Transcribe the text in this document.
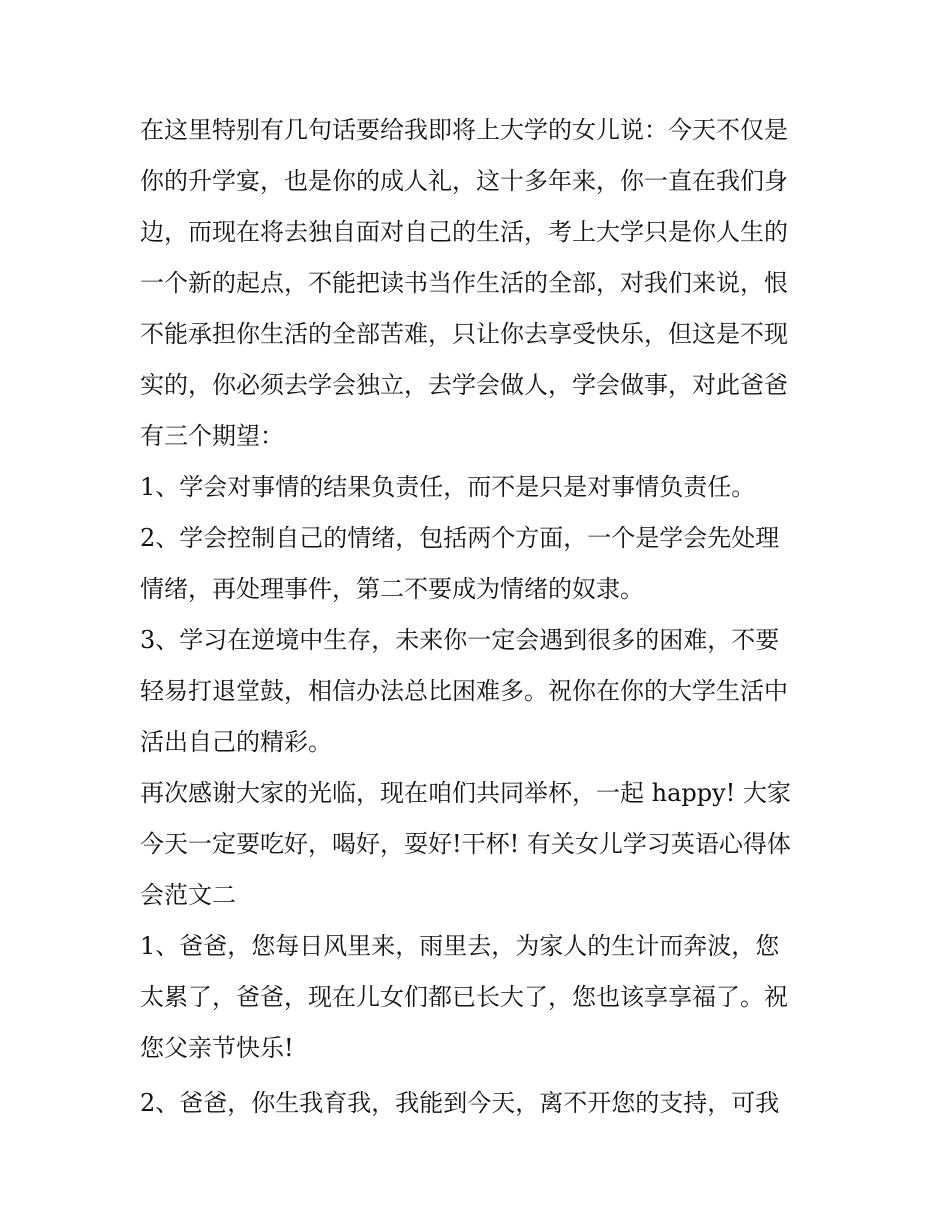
在这里特别有几句话要给我即将上大学的女儿说：今天不仅是
你的升学宴，也是你的成人礼，这十多年来，你一直在我们身
边，而现在将去独自面对自己的生活，考上大学只是你人生的
一个新的起点，不能把读书当作生活的全部，对我们来说，恨
不能承担你生活的全部苦难，只让你去享受快乐，但这是不现
实的，你必须去学会独立，去学会做人，学会做事，对此爸爸
有三个期望：
1、学会对事情的结果负责任，而不是只是对事情负责任。
2、学会控制自己的情绪，包括两个方面，一个是学会先处理
情绪，再处理事件，第二不要成为情绪的奴隶。
3、学习在逆境中生存，未来你一定会遇到很多的困难，不要
轻易打退堂鼓，相信办法总比困难多。祝你在你的大学生活中
活出自己的精彩。
再次感谢大家的光临，现在咱们共同举杯，一起 happy! 大家
今天一定要吃好，喝好，耍好!干杯! 有关女儿学习英语心得体
会范文二
1、爸爸，您每日风里来，雨里去，为家人的生计而奔波，您
太累了，爸爸，现在儿女们都已长大了，您也该享享福了。祝
您父亲节快乐!
2、爸爸，你生我育我，我能到今天，离不开您的支持，可我
